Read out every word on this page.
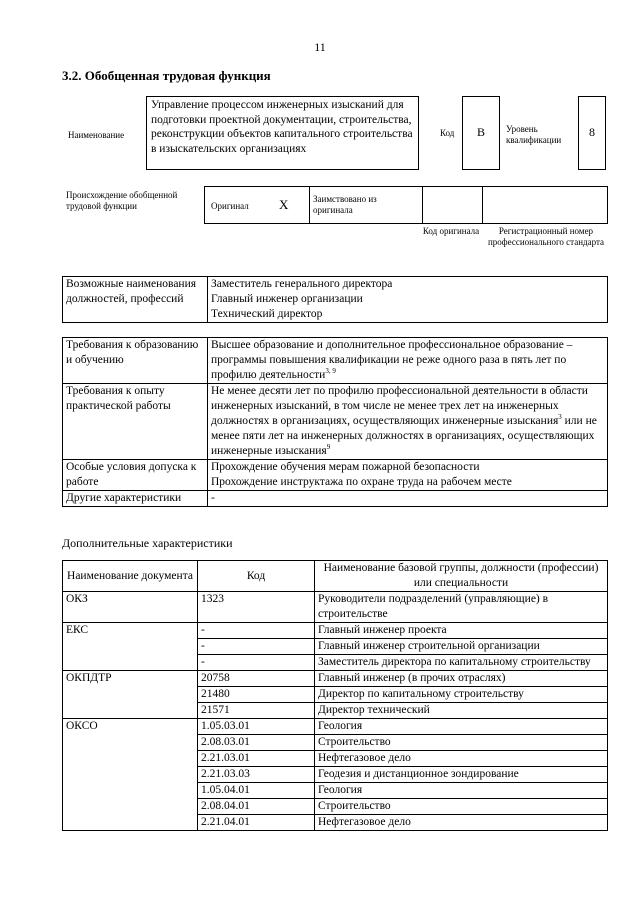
11
3.2. Обобщенная трудовая функция
Наименование
Управление процессом инженерных изысканий для подготовки проектной документации, строительства, реконструкции объектов капитального строительства в изыскательских организациях
Код	В	Уровень квалификации
8
Происхождение обобщенной трудовой функции	Оригинал X	Заимствовано из оригинала
Код оригинала	Регистрационный номер профессионального стандарта
Возможные наименования должностей, профессий	
Заместитель генерального директора
Главный инженер организации
Технический директор
Требования к образованию и обучению	Высшее образование и дополнительное профессиональное образование – программы повышения квалификации не реже одного раза в пять лет по профилю деятельности$^{3, 9}$
Требования к опыту практической работы	Не менее десяти лет по профилю профессиональной деятельности в области инженерных изысканий, в том числе не менее трех лет на инженерных должностях в организациях, осуществляющих инженерные изыскания$^3$ или не менее пяти лет на инженерных должностях в организациях, осуществляющих инженерные изыскания$^9$
Особые условия допуска к работе	Прохождение обучения мерам пожарной безопасности
Прохождение инструктажа по охране труда на рабочем месте

Другие характеристики	-
Дополнительные характеристики
Наименование документа	Код	Наименование базовой группы, должности (профессии) или специальности
ОКЗ	1323	Руководители подразделений (управляющие) в строительстве
ЕКС	-	Главный инженер проекта
	-	Главный инженер строительной организации
	-	Заместитель директора по капитальному строительству
ОКПДТР	20758	Главный инженер (в прочих отраслях)
	21480	Директор по капитальному строительству
	21571	Директор технический
ОКСО	1.05.03.01	Геология
	2.08.03.01	Строительство
	2.21.03.01	Нефтегазовое дело
	2.21.03.03	Геодезия и дистанционное зондирование
	1.05.04.01	Геология
	2.08.04.01	Строительство
	2.21.04.01	Нефтегазовое дело
